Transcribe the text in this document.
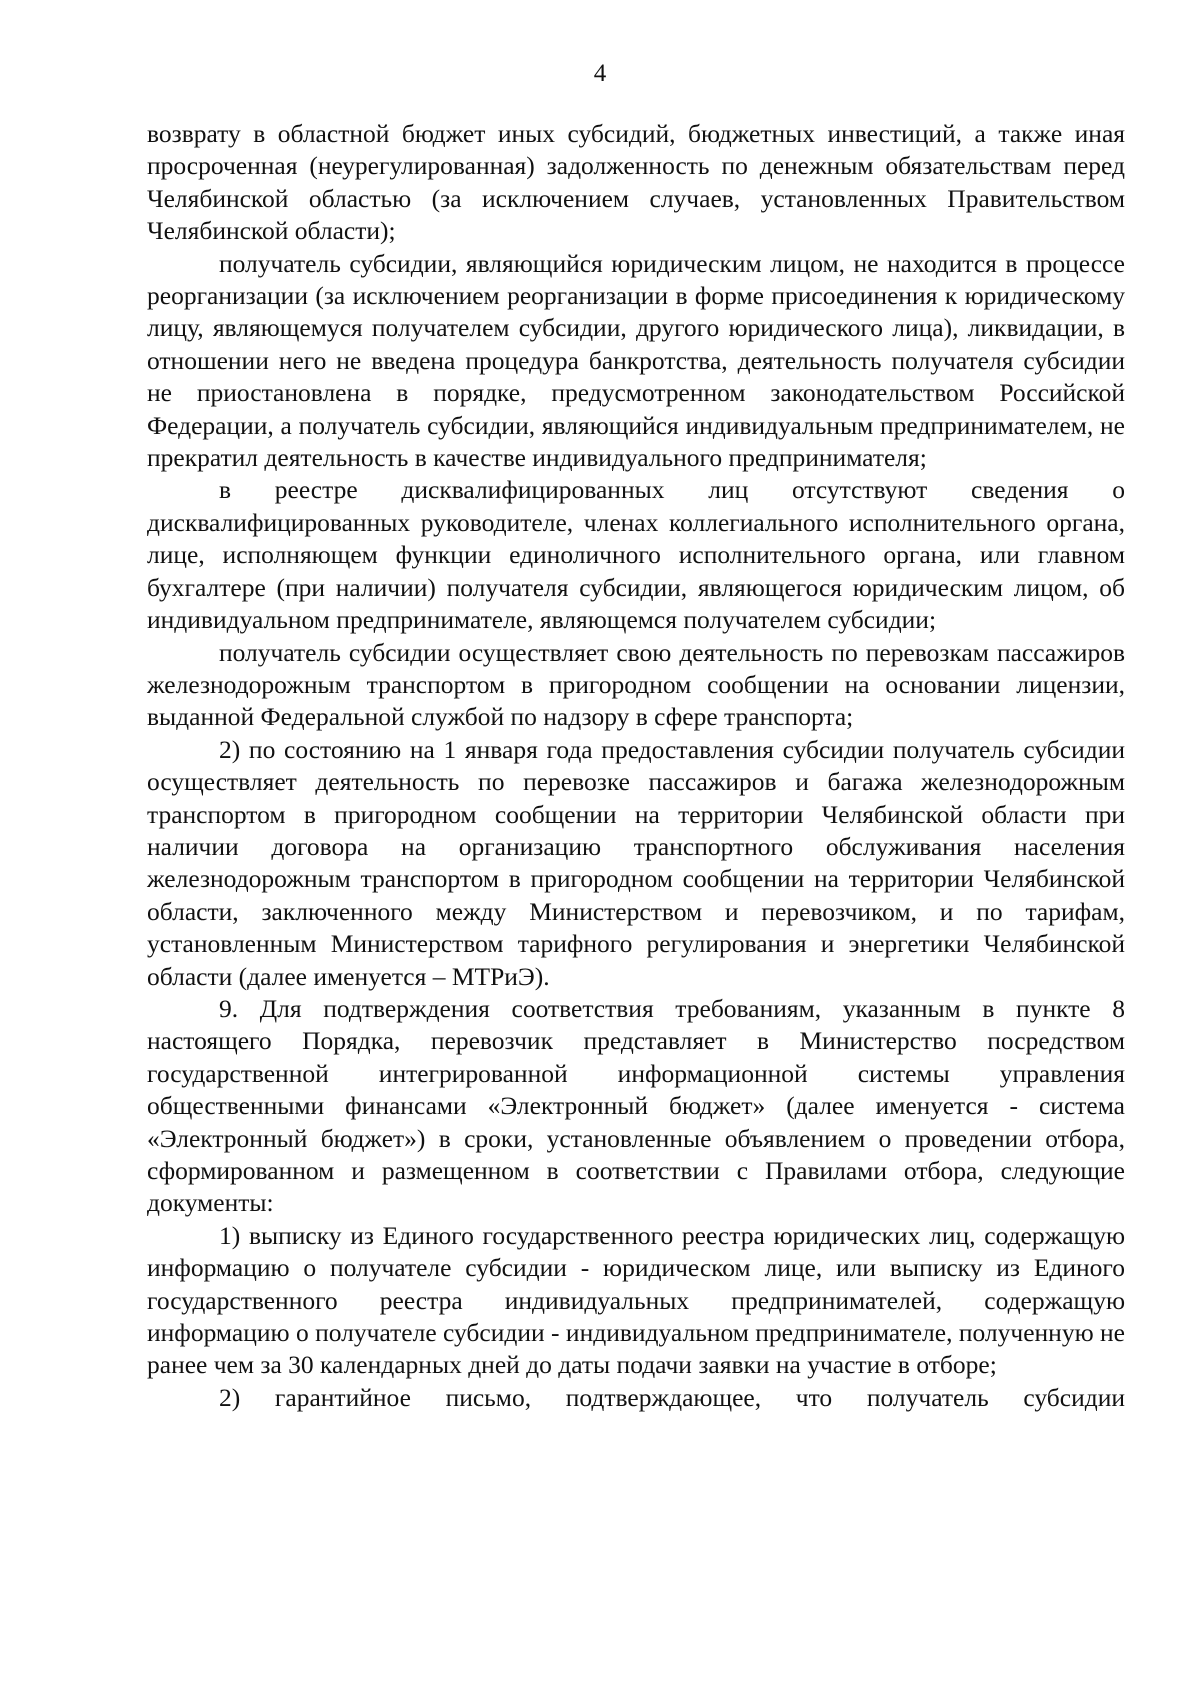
4

возврату в областной бюджет иных субсидий, бюджетных инвестиций, а также иная просроченная (неурегулированная) задолженность по денежным обязательствам перед Челябинской областью (за исключением случаев, установленных Правительством Челябинской области);

получатель субсидии, являющийся юридическим лицом, не находится в процессе реорганизации (за исключением реорганизации в форме присоединения к юридическому лицу, являющемуся получателем субсидии, другого юридического лица), ликвидации, в отношении него не введена процедура банкротства, деятельность получателя субсидии не приостановлена в порядке, предусмотренном законодательством Российской Федерации, а получатель субсидии, являющийся индивидуальным предпринимателем, не прекратил деятельность в качестве индивидуального предпринимателя;

в реестре дисквалифицированных лиц отсутствуют сведения о дисквалифицированных руководителе, членах коллегиального исполнительного органа, лице, исполняющем функции единоличного исполнительного органа, или главном бухгалтере (при наличии) получателя субсидии, являющегося юридическим лицом, об индивидуальном предпринимателе, являющемся получателем субсидии;

получатель субсидии осуществляет свою деятельность по перевозкам пассажиров железнодорожным транспортом в пригородном сообщении на основании лицензии, выданной Федеральной службой по надзору в сфере транспорта;

2) по состоянию на 1 января года предоставления субсидии получатель субсидии осуществляет деятельность по перевозке пассажиров и багажа железнодорожным транспортом в пригородном сообщении на территории Челябинской области при наличии договора на организацию транспортного обслуживания населения железнодорожным транспортом в пригородном сообщении на территории Челябинской области, заключенного между Министерством и перевозчиком, и по тарифам, установленным Министерством тарифного регулирования и энергетики Челябинской области (далее именуется – МТРиЭ).

9. Для подтверждения соответствия требованиям, указанным в пункте 8 настоящего Порядка, перевозчик представляет в Министерство посредством государственной интегрированной информационной системы управления общественными финансами «Электронный бюджет» (далее именуется - система «Электронный бюджет») в сроки, установленные объявлением о проведении отбора, сформированном и размещенном в соответствии с Правилами отбора, следующие документы:

1) выписку из Единого государственного реестра юридических лиц, содержащую информацию о получателе субсидии - юридическом лице, или выписку из Единого государственного реестра индивидуальных предпринимателей, содержащую информацию о получателе субсидии - индивидуальном предпринимателе, полученную не ранее чем за 30 календарных дней до даты подачи заявки на участие в отборе;

2) гарантийное письмо, подтверждающее, что получатель субсидии
